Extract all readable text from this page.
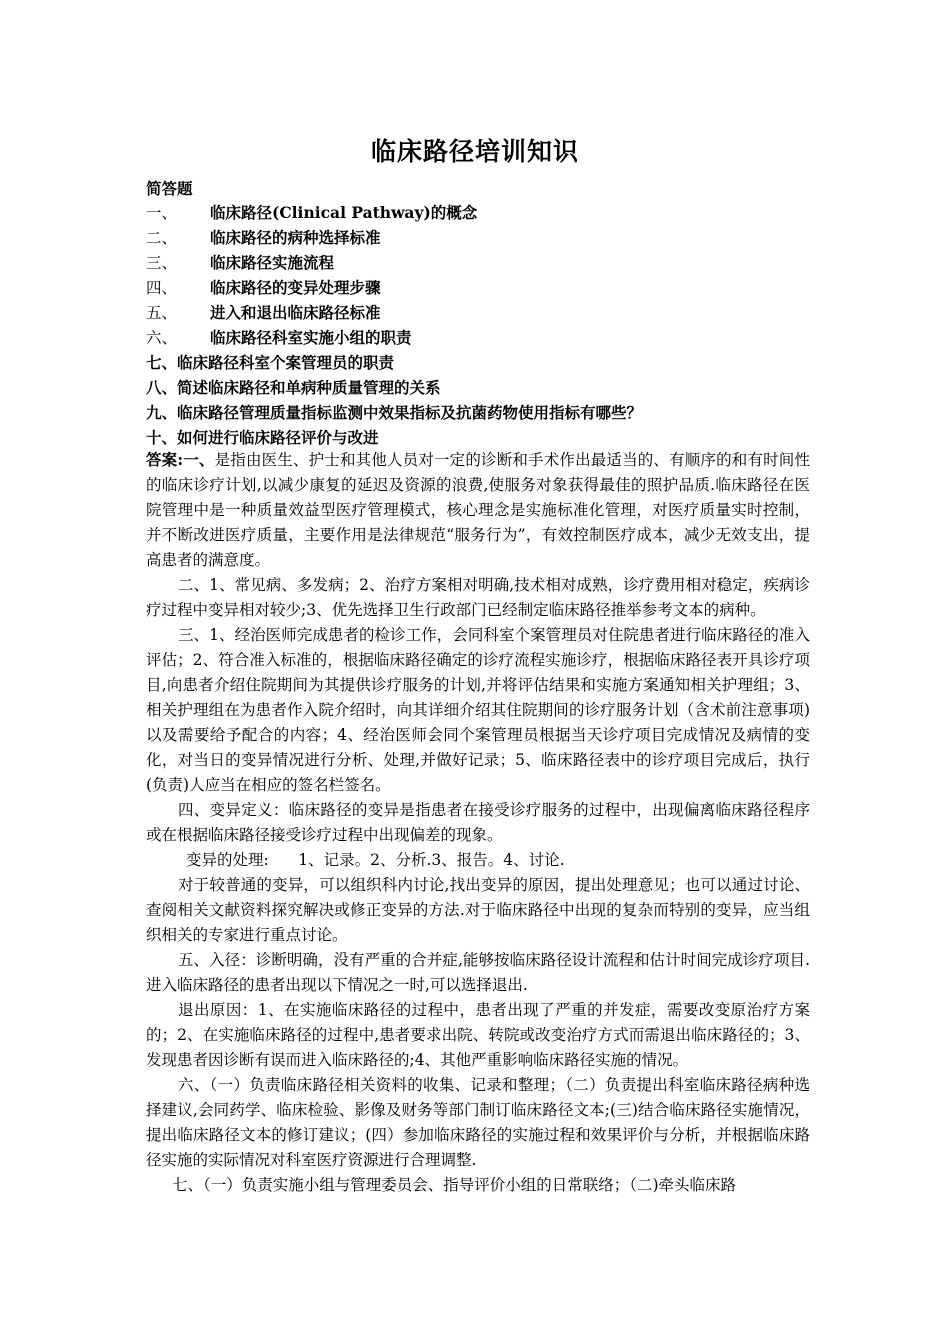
临床路径培训知识
简答题
一、 临床路径(Clinical Pathway)的概念
二、 临床路径的病种选择标准
三、 临床路径实施流程
四、 临床路径的变异处理步骤
五、 进入和退出临床路径标准
六、 临床路径科室实施小组的职责
七、临床路径科室个案管理员的职责
八、简述临床路径和单病种质量管理的关系
九、临床路径管理质量指标监测中效果指标及抗菌药物使用指标有哪些？
十、如何进行临床路径评价与改进

答案:一、是指由医生、护士和其他人员对一定的诊断和手术作出最适当的、有顺序的和有时间性的临床诊疗计划,以减少康复的延迟及资源的浪费,使服务对象获得最佳的照护品质.临床路径在医院管理中是一种质量效益型医疗管理模式，核心理念是实施标准化管理，对医疗质量实时控制，并不断改进医疗质量，主要作用是法律规范“服务行为”，有效控制医疗成本，减少无效支出，提高患者的满意度。

二、1、常见病、多发病；2、治疗方案相对明确,技术相对成熟，诊疗费用相对稳定，疾病诊疗过程中变异相对较少;3、优先选择卫生行政部门已经制定临床路径推举参考文本的病种。

三、1、经治医师完成患者的检诊工作，会同科室个案管理员对住院患者进行临床路径的准入评估；2、符合准入标准的，根据临床路径确定的诊疗流程实施诊疗，根据临床路径表开具诊疗项目,向患者介绍住院期间为其提供诊疗服务的计划,并将评估结果和实施方案通知相关护理组；3、相关护理组在为患者作入院介绍时，向其详细介绍其住院期间的诊疗服务计划（含术前注意事项)以及需要给予配合的内容；4、经治医师会同个案管理员根据当天诊疗项目完成情况及病情的变化，对当日的变异情况进行分析、处理,并做好记录；5、临床路径表中的诊疗项目完成后，执行(负责)人应当在相应的签名栏签名。

四、变异定义：临床路径的变异是指患者在接受诊疗服务的过程中，出现偏离临床路径程序或在根据临床路径接受诊疗过程中出现偏差的现象。

变异的处理:      1、记录。2、分析.3、报告。4、讨论.

对于较普通的变异，可以组织科内讨论,找出变异的原因，提出处理意见；也可以通过讨论、查阅相关文献资料探究解决或修正变异的方法.对于临床路径中出现的复杂而特别的变异，应当组织相关的专家进行重点讨论。

五、入径：诊断明确，没有严重的合并症,能够按临床路径设计流程和估计时间完成诊疗项目.进入临床路径的患者出现以下情况之一时,可以选择退出.

退出原因：1、在实施临床路径的过程中，患者出现了严重的并发症，需要改变原治疗方案的；2、在实施临床路径的过程中,患者要求出院、转院或改变治疗方式而需退出临床路径的；3、发现患者因诊断有误而进入临床路径的;4、其他严重影响临床路径实施的情况。

六、（一）负责临床路径相关资料的收集、记录和整理；（二）负责提出科室临床路径病种选择建议,会同药学、临床检验、影像及财务等部门制订临床路径文本;(三)结合临床路径实施情况，提出临床路径文本的修订建议；(四）参加临床路径的实施过程和效果评价与分析，并根据临床路径实施的实际情况对科室医疗资源进行合理调整.

七、（一）负责实施小组与管理委员会、指导评价小组的日常联络；（二)牵头临床路
